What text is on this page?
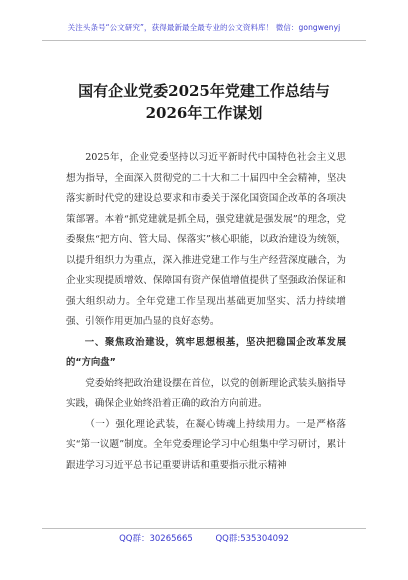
关注头条号“公文研究”，获得最新最全最专业的公文资料库！ 微信：gongwenyj
国有企业党委2025年党建工作总结与
2026年工作谋划

2025年，企业党委坚持以习近平新时代中国特色社会主义思想为指导，全面深入贯彻党的二十大和二十届四中全会精神，坚决落实新时代党的建设总要求和市委关于深化国资国企改革的各项决策部署。本着“抓党建就是抓全局，强党建就是强发展”的理念，党委聚焦“把方向、管大局、保落实”核心职能，以政治建设为统领，以提升组织力为重点，深入推进党建工作与生产经营深度融合，为企业实现提质增效、保障国有资产保值增值提供了坚强政治保证和强大组织动力。全年党建工作呈现出基础更加坚实、活力持续增强、引领作用更加凸显的良好态势。

一、聚焦政治建设，筑牢思想根基，坚决把稳国企改革发展的“方向盘”

党委始终把政治建设摆在首位，以党的创新理论武装头脑指导实践，确保企业始终沿着正确的政治方向前进。

（一）强化理论武装，在凝心铸魂上持续用力。一是严格落实“第一议题”制度。全年党委理论学习中心组集中学习研讨，累计跟进学习习近平总书记重要讲话和重要指示批示精神

QQ群：30265665	QQ群:535304092
